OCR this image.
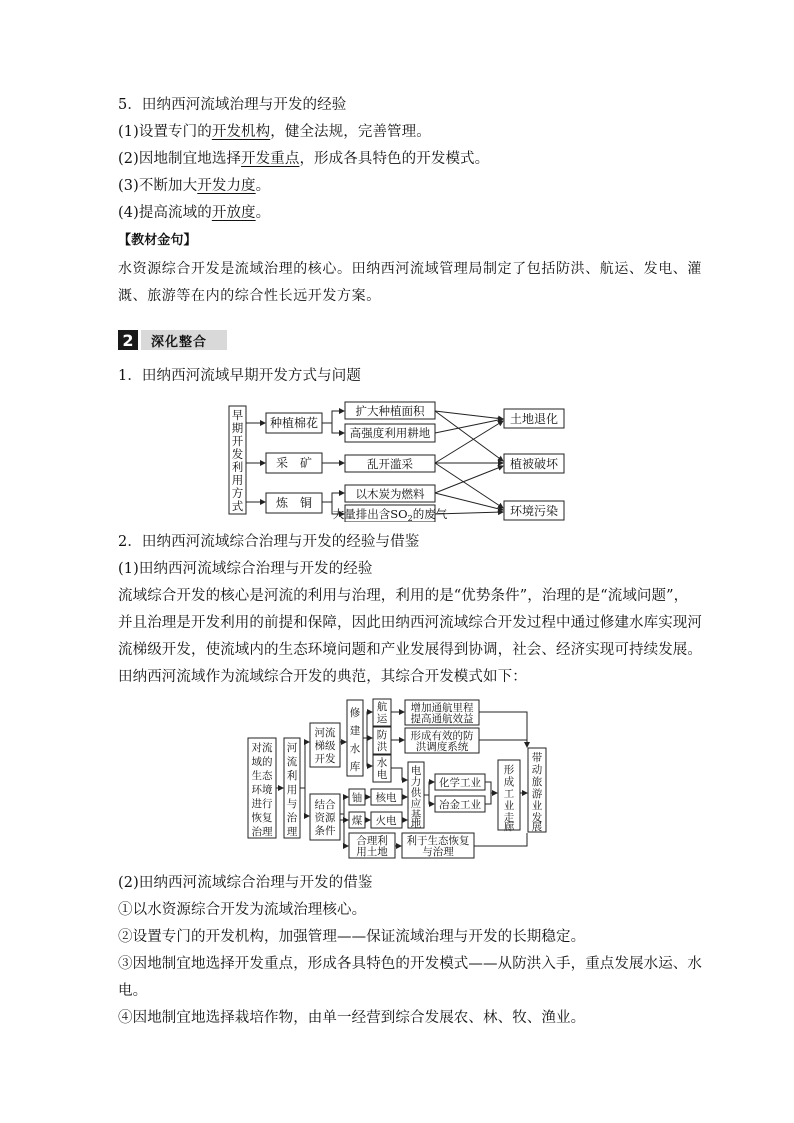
5．田纳西河流域治理与开发的经验
(1)设置专门的开发机构，健全法规，完善管理。
(2)因地制宜地选择开发重点，形成各具特色的开发模式。
(3)不断加大开发力度。
(4)提高流域的开放度。
【教材金句】
水资源综合开发是流域治理的核心。田纳西河流域管理局制定了包括防洪、航运、发电、灌
溉、旅游等在内的综合性长远开发方案。
2	深化整合
1．田纳西河流域早期开发方式与问题
早
期
开
发
利
用
方
式
种植棉花
采　矿
炼　铜
扩大种植面积
高强度利用耕地
乱开滥采
以木炭为燃料
大量排出含$SO_2$的废气
土地退化
植被破坏
环境污染
2．田纳西河流域综合治理与开发的经验与借鉴
(1)田纳西河流域综合治理与开发的经验
流域综合开发的核心是河流的利用与治理，利用的是“优势条件”，治理的是“流域问题”，
并且治理是开发利用的前提和保障，因此田纳西河流域综合开发过程中通过修建水库实现河
流梯级开发，使流域内的生态环境问题和产业发展得到协调，社会、经济实现可持续发展。
田纳西河流域作为流域综合开发的典范，其综合开发模式如下：
对流
域的
生态
环境
进行
恢复
治理
河
流
利
用
与
治
理
河流
梯级
开发
修
建
水
库
航运
防洪
水电
增加通航里程
提高通航效益
形成有效的防
洪调度系统
结合
资源
条件
铀
煤
核电
火电
合理利
用土地
利于生态恢复
与治理
电
力
供
应
基
地
化学工业
冶金工业
形
成
工
业
走
廊
带
动
旅
游
业
发
展
(2)田纳西河流域综合治理与开发的借鉴
①以水资源综合开发为流域治理核心。
②设置专门的开发机构，加强管理——保证流域治理与开发的长期稳定。
③因地制宜地选择开发重点，形成各具特色的开发模式——从防洪入手，重点发展水运、水
电。
④因地制宜地选择栽培作物，由单一经营到综合发展农、林、牧、渔业。
